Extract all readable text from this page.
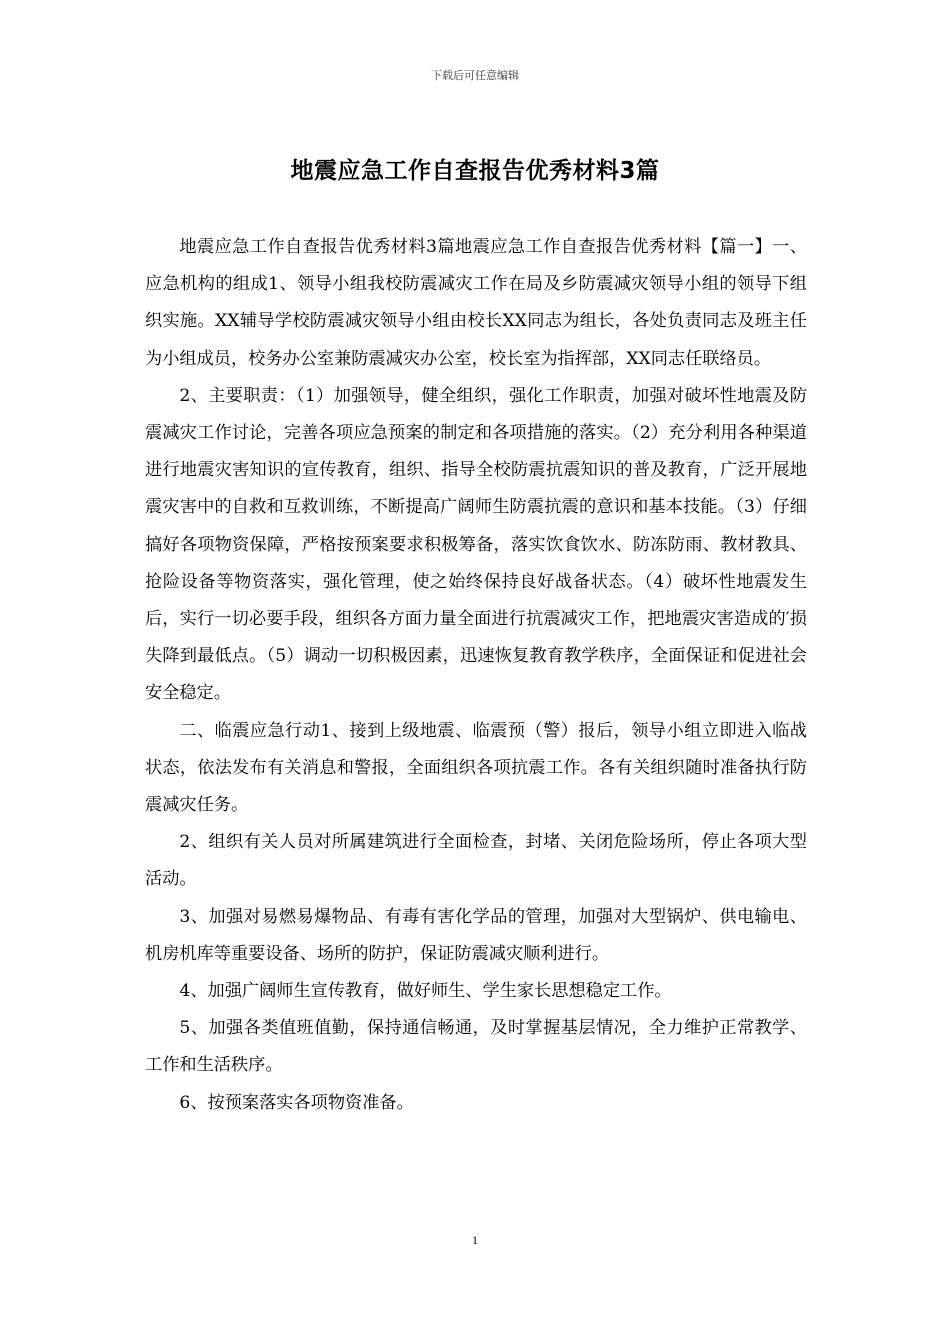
下载后可任意编辑
地震应急工作自查报告优秀材料3篇

地震应急工作自查报告优秀材料3篇地震应急工作自查报告优秀材料【篇一】一、应急机构的组成1、领导小组我校防震减灾工作在局及乡防震减灾领导小组的领导下组织实施。XX辅导学校防震减灾领导小组由校长XX同志为组长，各处负责同志及班主任为小组成员，校务办公室兼防震减灾办公室，校长室为指挥部，XX同志任联络员。

2、主要职责：（1）加强领导，健全组织，强化工作职责，加强对破坏性地震及防震减灾工作讨论，完善各项应急预案的制定和各项措施的落实。（2）充分利用各种渠道进行地震灾害知识的宣传教育，组织、指导全校防震抗震知识的普及教育，广泛开展地震灾害中的自救和互救训练，不断提高广阔师生防震抗震的意识和基本技能。（3）仔细搞好各项物资保障，严格按预案要求积极筹备，落实饮食饮水、防冻防雨、教材教具、抢险设备等物资落实，强化管理，使之始终保持良好战备状态。（4）破坏性地震发生后，实行一切必要手段，组织各方面力量全面进行抗震减灾工作，把地震灾害造成的′损失降到最低点。（5）调动一切积极因素，迅速恢复教育教学秩序，全面保证和促进社会安全稳定。

二、临震应急行动1、接到上级地震、临震预（警）报后，领导小组立即进入临战状态，依法发布有关消息和警报，全面组织各项抗震工作。各有关组织随时准备执行防震减灾任务。

2、组织有关人员对所属建筑进行全面检查，封堵、关闭危险场所，停止各项大型活动。

3、加强对易燃易爆物品、有毒有害化学品的管理，加强对大型锅炉、供电输电、机房机库等重要设备、场所的防护，保证防震减灾顺利进行。

4、加强广阔师生宣传教育，做好师生、学生家长思想稳定工作。

5、加强各类值班值勤，保持通信畅通，及时掌握基层情况，全力维护正常教学、工作和生活秩序。

6、按预案落实各项物资准备。

1
